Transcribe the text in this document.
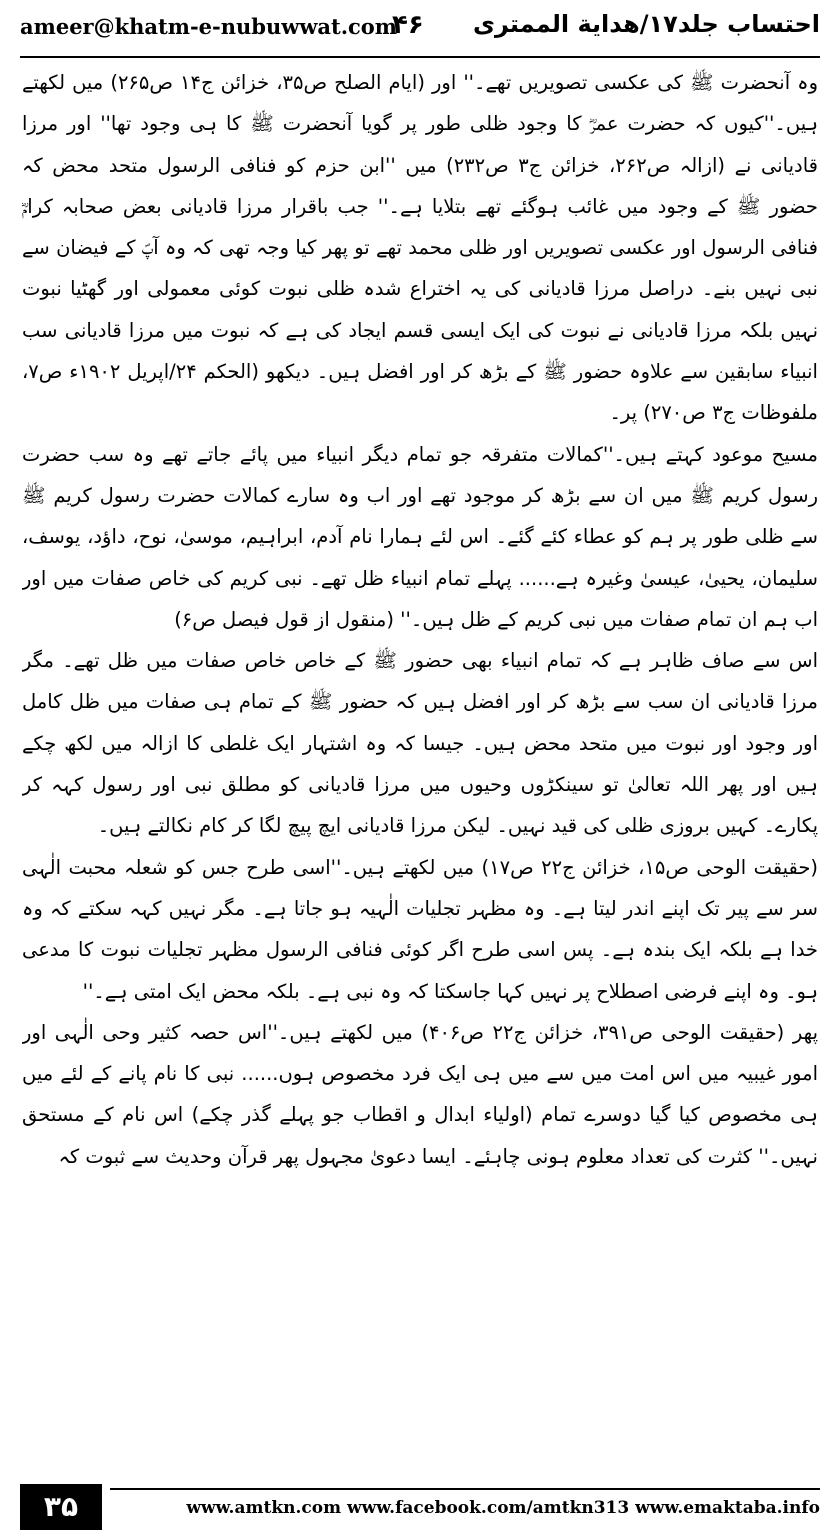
ameer@khatm-e-nubuwwat.com
۴۶ احتساب جلد۱۷/هدایة الممتری

وہ آنحضرت ﷺ کی عکسی تصویریں تھے۔'' اور (ایام الصلح ص۳۵، خزائن ج۱۴ ص۲۶۵) میں لکھتے ہیں۔''کیوں کہ حضرت عمرؓ کا وجود ظلی طور پر گویا آنحضرت ﷺ کا ہی وجود تھا'' اور مرزا قادیانی نے (ازالہ ص۲۶۲، خزائن ج۳ ص۲۳۲) میں ''ابن حزم کو فنافی الرسول متحد محض کہ حضور ﷺ کے وجود میں غائب ہوگئے تھے بتلایا ہے۔'' جب باقرار مرزا قادیانی بعض صحابہ کرامؓ فنافی الرسول اور عکسی تصویریں اور ظلی محمد تھے تو پھر کیا وجہ تھی کہ وہ آپؐ کے فیضان سے نبی نہیں بنے۔ دراصل مرزا قادیانی کی یہ اختراع شدہ ظلی نبوت کوئی معمولی اور گھٹیا نبوت نہیں بلکہ مرزا قادیانی نے نبوت کی ایک ایسی قسم ایجاد کی ہے کہ نبوت میں مرزا قادیانی سب انبیاء سابقین سے علاوہ حضور ﷺ کے بڑھ کر اور افضل ہیں۔ دیکھو (الحکم ۲۴/اپریل ۱۹۰۲ء ص۷، ملفوظات ج۳ ص۲۷۰) پر۔

مسیح موعود کہتے ہیں۔''کمالات متفرقہ جو تمام دیگر انبیاء میں پائے جاتے تھے وہ سب حضرت رسول کریم ﷺ میں ان سے بڑھ کر موجود تھے اور اب وہ سارے کمالات حضرت رسول کریم ﷺ سے ظلی طور پر ہم کو عطاء کئے گئے۔ اس لئے ہمارا نام آدم، ابراہیم، موسیٰ، نوح، داؤد، یوسف، سلیمان، یحییٰ، عیسیٰ وغیرہ ہے...... پہلے تمام انبیاء ظل تھے۔ نبی کریم کی خاص صفات میں اور اب ہم ان تمام صفات میں نبی کریم کے ظل ہیں۔'' (منقول از قول فیصل ص۶)

اس سے صاف ظاہر ہے کہ تمام انبیاء بھی حضور ﷺ کے خاص خاص صفات میں ظل تھے۔ مگر مرزا قادیانی ان سب سے بڑھ کر اور افضل ہیں کہ حضور ﷺ کے تمام ہی صفات میں ظل کامل اور وجود اور نبوت میں متحد محض ہیں۔ جیسا کہ وہ اشتہار ایک غلطی کا ازالہ میں لکھ چکے ہیں اور پھر اللہ تعالیٰ تو سینکڑوں وحیوں میں مرزا قادیانی کو مطلق نبی اور رسول کہہ کر پکارے۔ کہیں بروزی ظلی کی قید نہیں۔ لیکن مرزا قادیانی ایچ پیچ لگا کر کام نکالتے ہیں۔

(حقیقت الوحی ص۱۵، خزائن ج۲۲ ص۱۷) میں لکھتے ہیں۔''اسی طرح جس کو شعلہ محبت الٰہی سر سے پیر تک اپنے اندر لیتا ہے۔ وہ مظہر تجلیات الٰہیہ ہو جاتا ہے۔ مگر نہیں کہہ سکتے کہ وہ خدا ہے بلکہ ایک بندہ ہے۔ پس اسی طرح اگر کوئی فنافی الرسول مظہر تجلیات نبوت کا مدعی ہو۔ وہ اپنے فرضی اصطلاح پر نہیں کہا جاسکتا کہ وہ نبی ہے۔ بلکہ محض ایک امتی ہے۔''

پھر (حقیقت الوحی ص۳۹۱، خزائن ج۲۲ ص۴۰۶) میں لکھتے ہیں۔''اس حصہ کثیر وحی الٰہی اور امور غیبیہ میں اس امت میں سے میں ہی ایک فرد مخصوص ہوں...... نبی کا نام پانے کے لئے میں ہی مخصوص کیا گیا دوسرے تمام (اولیاء ابدال و اقطاب جو پہلے گذر چکے) اس نام کے مستحق نہیں۔'' کثرت کی تعداد معلوم ہونی چاہئے۔ ایسا دعویٰ مجہول پھر قرآن وحدیث سے ثبوت کہ

۳۵	www.amtkn.com www.facebook.com/amtkn313 www.emaktaba.info
